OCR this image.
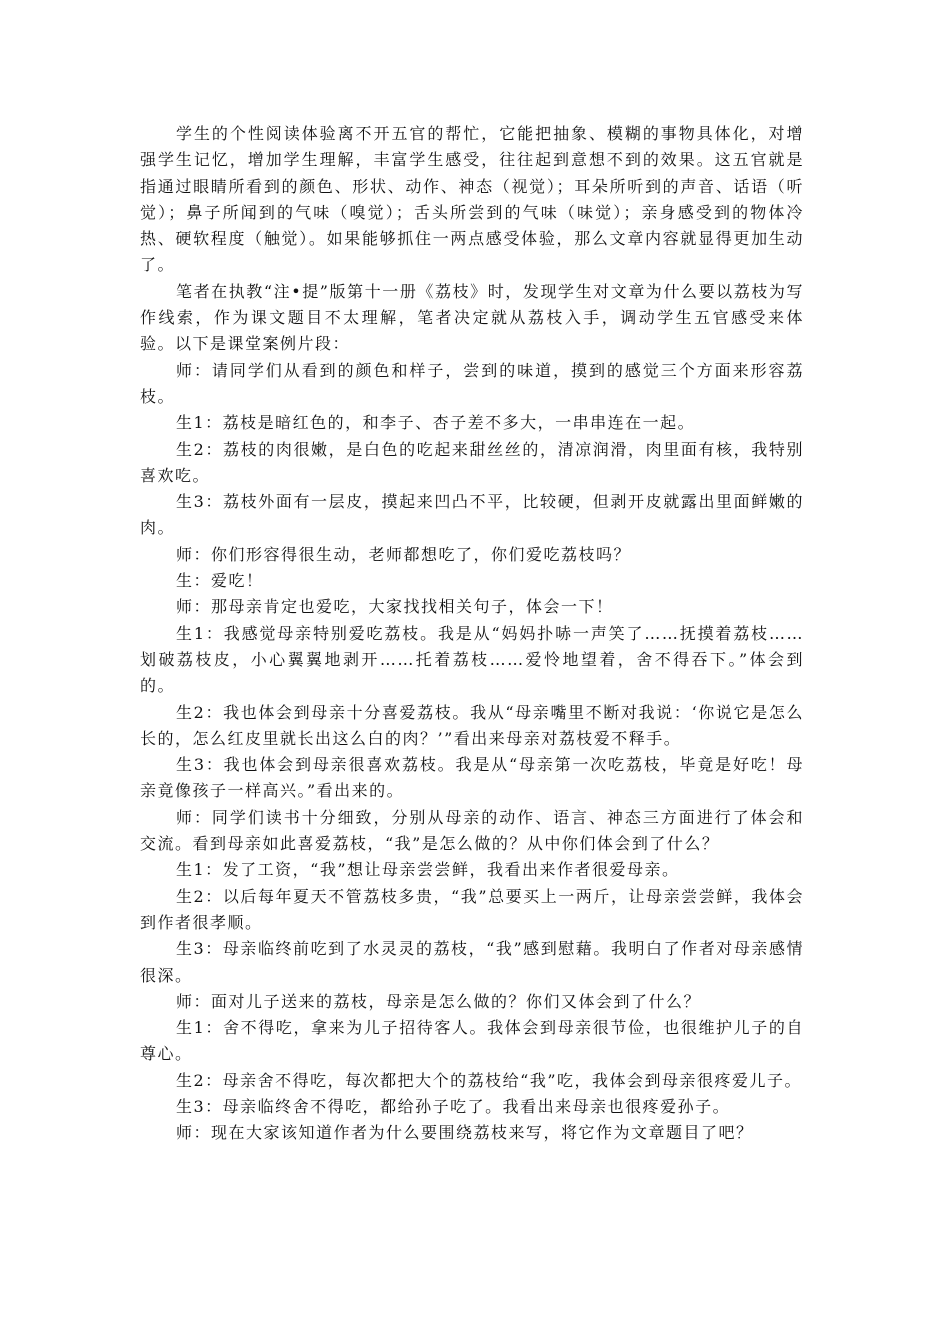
学生的个性阅读体验离不开五官的帮忙，它能把抽象、模糊的事物具体化，对增强学生记忆，增加学生理解，丰富学生感受，往往起到意想不到的效果。这五官就是指通过眼睛所看到的颜色、形状、动作、神态（视觉）；耳朵所听到的声音、话语（听觉）；鼻子所闻到的气味（嗅觉）；舌头所尝到的气味（味觉）；亲身感受到的物体冷热、硬软程度（触觉）。如果能够抓住一两点感受体验，那么文章内容就显得更加生动了。

笔者在执教“注•提”版第十一册《荔枝》时，发现学生对文章为什么要以荔枝为写作线索，作为课文题目不太理解，笔者决定就从荔枝入手，调动学生五官感受来体验。以下是课堂案例片段：

师：请同学们从看到的颜色和样子，尝到的味道，摸到的感觉三个方面来形容荔枝。

生1：荔枝是暗红色的，和李子、杏子差不多大，一串串连在一起。

生2：荔枝的肉很嫩，是白色的吃起来甜丝丝的，清凉润滑，肉里面有核，我特别喜欢吃。

生3：荔枝外面有一层皮，摸起来凹凸不平，比较硬，但剥开皮就露出里面鲜嫩的肉。

师：你们形容得很生动，老师都想吃了，你们爱吃荔枝吗？

生：爱吃！

师：那母亲肯定也爱吃，大家找找相关句子，体会一下！

生1：我感觉母亲特别爱吃荔枝。我是从“妈妈扑哧一声笑了……抚摸着荔枝……划破荔枝皮，小心翼翼地剥开……托着荔枝……爱怜地望着，舍不得吞下。”体会到的。

生2：我也体会到母亲十分喜爱荔枝。我从“母亲嘴里不断对我说：‘你说它是怎么长的，怎么红皮里就长出这么白的肉？’”看出来母亲对荔枝爱不释手。

生3：我也体会到母亲很喜欢荔枝。我是从“母亲第一次吃荔枝，毕竟是好吃！母亲竟像孩子一样高兴。”看出来的。

师：同学们读书十分细致，分别从母亲的动作、语言、神态三方面进行了体会和交流。看到母亲如此喜爱荔枝，“我”是怎么做的？从中你们体会到了什么？

生1：发了工资，“我”想让母亲尝尝鲜，我看出来作者很爱母亲。

生2：以后每年夏天不管荔枝多贵，“我”总要买上一两斤，让母亲尝尝鲜，我体会到作者很孝顺。

生3：母亲临终前吃到了水灵灵的荔枝，“我”感到慰藉。我明白了作者对母亲感情很深。

师：面对儿子送来的荔枝，母亲是怎么做的？你们又体会到了什么？

生1：舍不得吃，拿来为儿子招待客人。我体会到母亲很节俭，也很维护儿子的自尊心。

生2：母亲舍不得吃，每次都把大个的荔枝给“我”吃，我体会到母亲很疼爱儿子。

生3：母亲临终舍不得吃，都给孙子吃了。我看出来母亲也很疼爱孙子。

师：现在大家该知道作者为什么要围绕荔枝来写，将它作为文章题目了吧？
